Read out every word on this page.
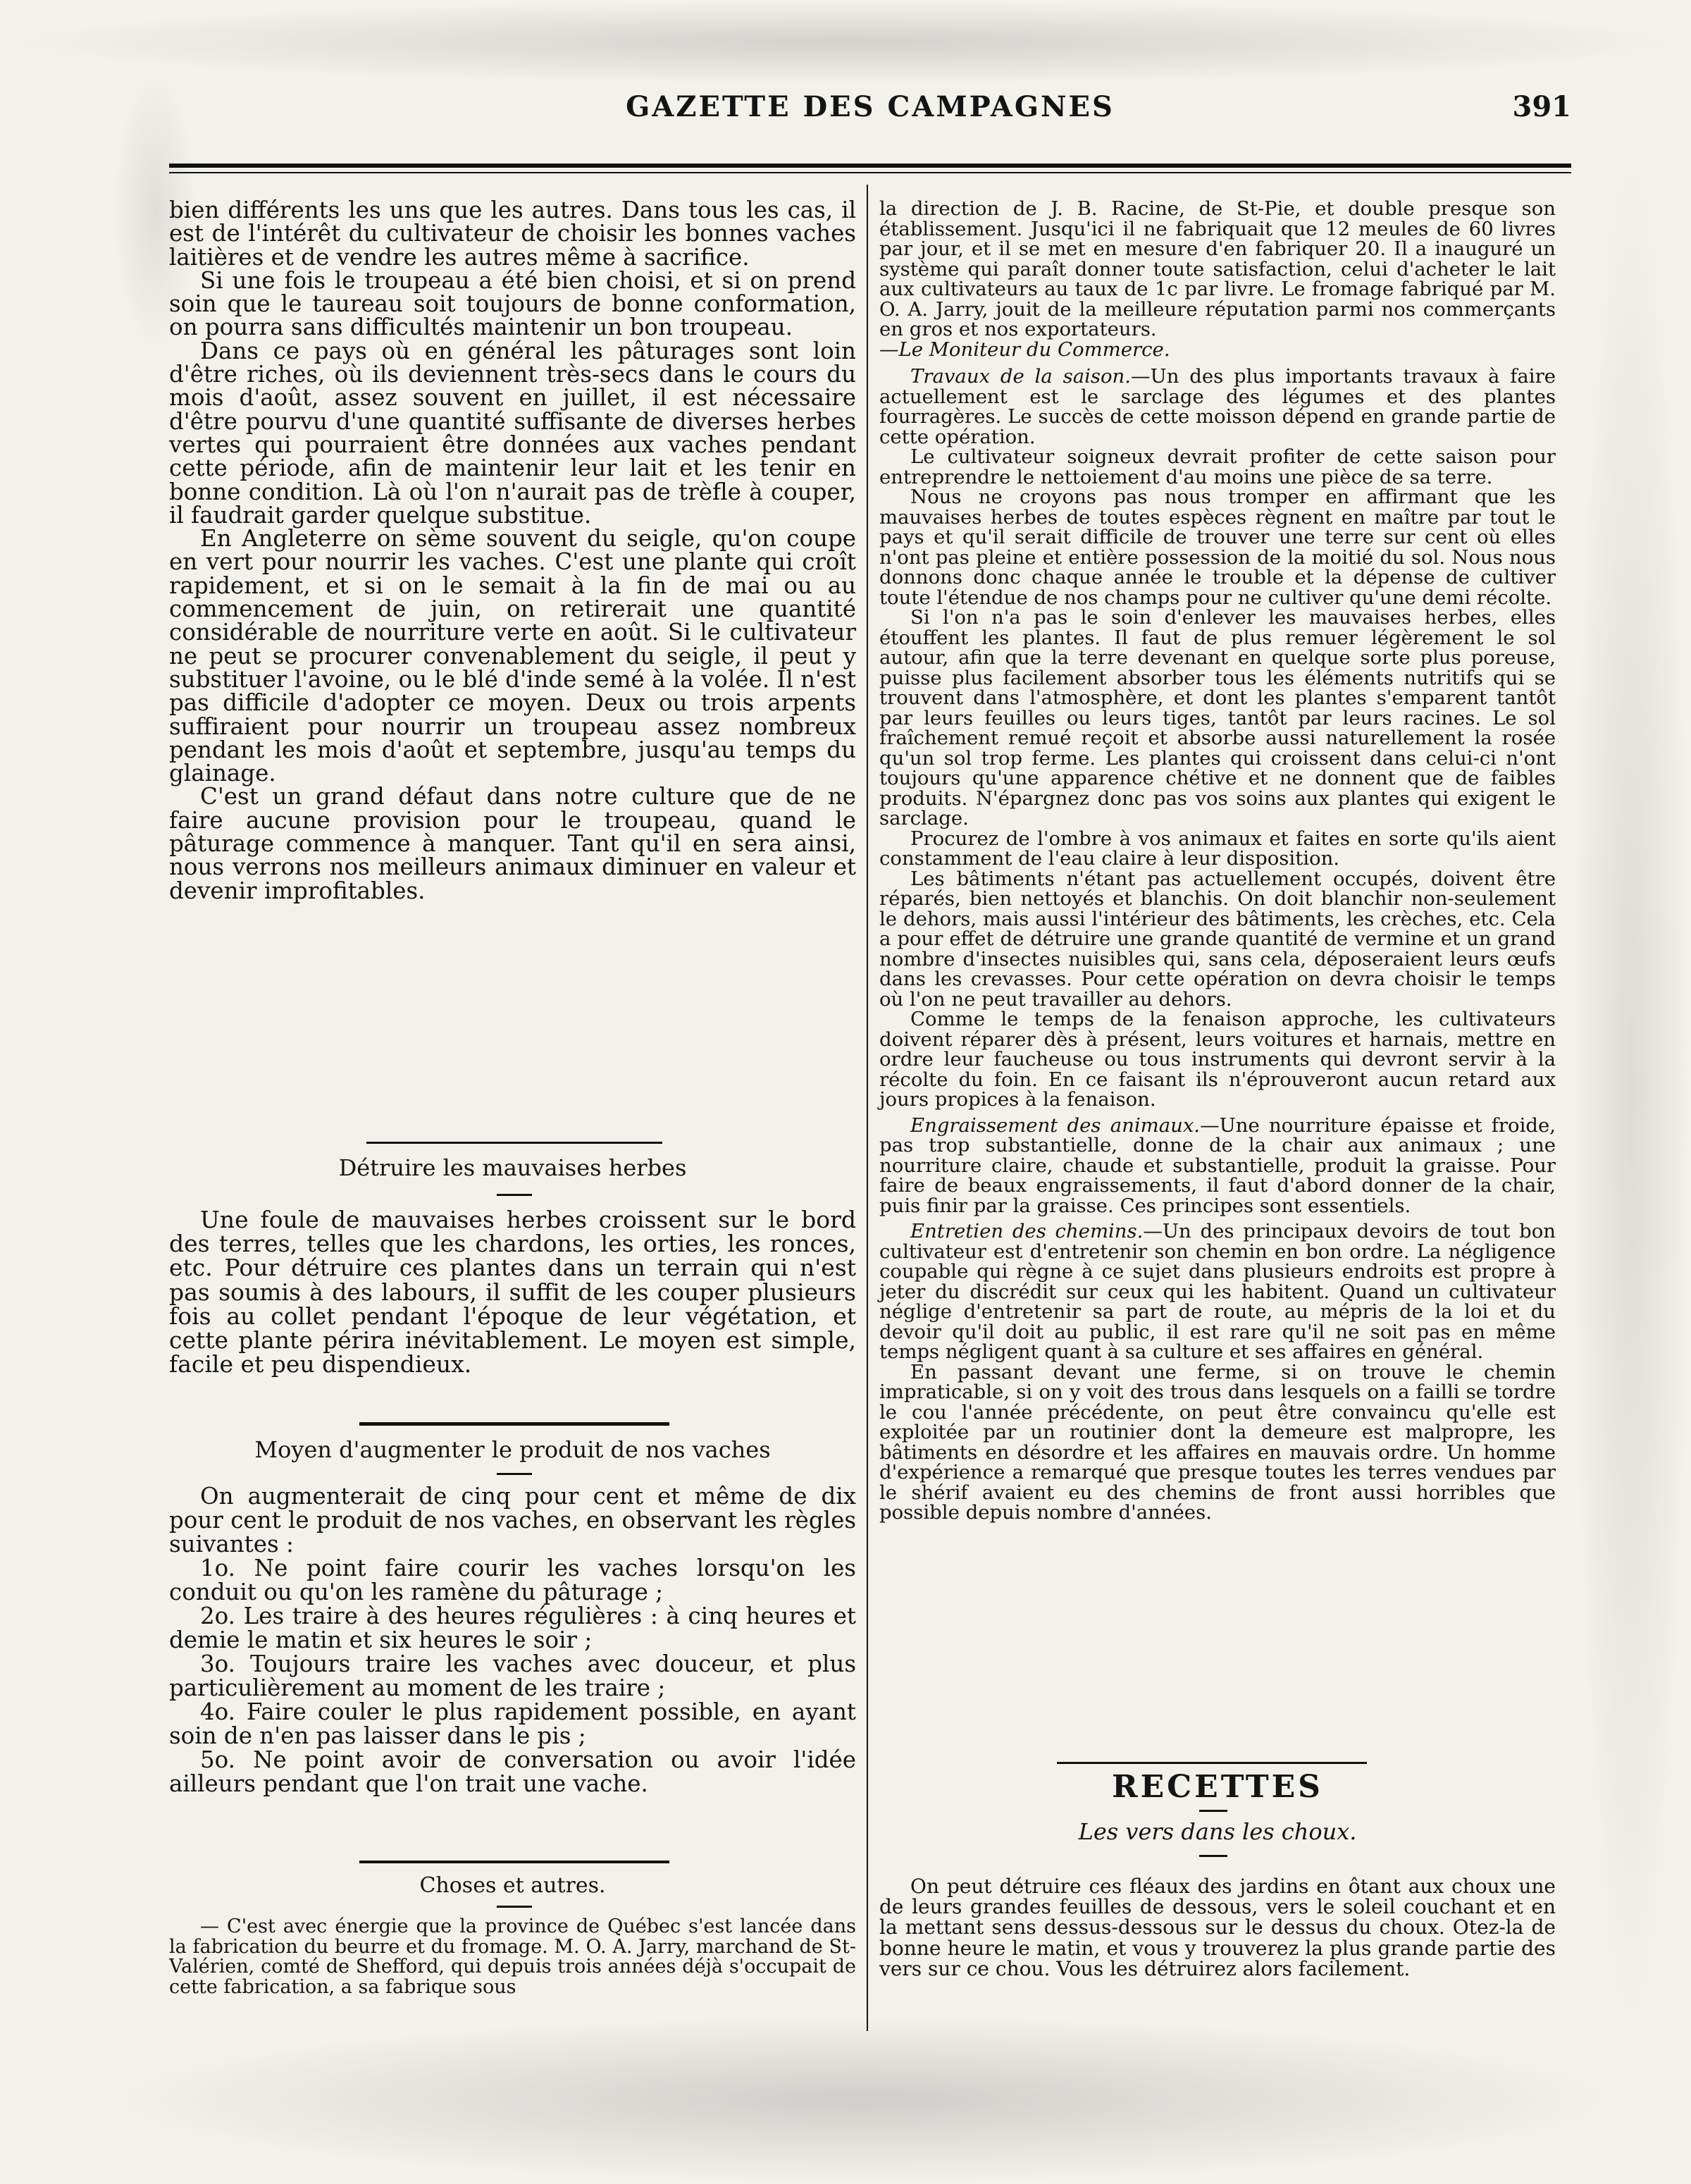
GAZETTE DES CAMPAGNES	391

bien différents les uns que les autres. Dans tous les cas, il est de l'intérêt du cultivateur de choisir les bonnes vaches laitières et de vendre les autres même à sacrifice.

Si une fois le troupeau a été bien choisi, et si on prend soin que le taureau soit toujours de bonne conformation, on pourra sans difficultés maintenir un bon troupeau.

Dans ce pays où en général les pâturages sont loin d'être riches, où ils deviennent très-secs dans le cours du mois d'août, assez souvent en juillet, il est nécessaire d'être pourvu d'une quantité suffisante de diverses herbes vertes qui pourraient être données aux vaches pendant cette période, afin de maintenir leur lait et les tenir en bonne condition. Là où l'on n'aurait pas de trèfle à couper, il faudrait garder quelque substitue.

En Angleterre on sème souvent du seigle, qu'on coupe en vert pour nourrir les vaches. C'est une plante qui croît rapidement, et si on le semait à la fin de mai ou au commencement de juin, on retirerait une quantité considérable de nourriture verte en août. Si le cultivateur ne peut se procurer convenablement du seigle, il peut y substituer l'avoine, ou le blé d'inde semé à la volée. Il n'est pas difficile d'adopter ce moyen. Deux ou trois arpents suffiraient pour nourrir un troupeau assez nombreux pendant les mois d'août et septembre, jusqu'au temps du glainage.

C'est un grand défaut dans notre culture que de ne faire aucune provision pour le troupeau, quand le pâturage commence à manquer. Tant qu'il en sera ainsi, nous verrons nos meilleurs animaux diminuer en valeur et devenir improfitables.

Détruire les mauvaises herbes

Une foule de mauvaises herbes croissent sur le bord des terres, telles que les chardons, les orties, les ronces, etc. Pour détruire ces plantes dans un terrain qui n'est pas soumis à des labours, il suffit de les couper plusieurs fois au collet pendant l'époque de leur végétation, et cette plante périra inévitablement. Le moyen est simple, facile et peu dispendieux.

Moyen d'augmenter le produit de nos vaches

On augmenterait de cinq pour cent et même de dix pour cent le produit de nos vaches, en observant les règles suivantes :

1o. Ne point faire courir les vaches lorsqu'on les conduit ou qu'on les ramène du pâturage ;

2o. Les traire à des heures régulières : à cinq heures et demie le matin et six heures le soir ;

3o. Toujours traire les vaches avec douceur, et plus particulièrement au moment de les traire ;

4o. Faire couler le plus rapidement possible, en ayant soin de n'en pas laisser dans le pis ;

5o. Ne point avoir de conversation ou avoir l'idée ailleurs pendant que l'on trait une vache.

Choses et autres.

— C'est avec énergie que la province de Québec s'est lancée dans la fabrication du beurre et du fromage. M. O. A. Jarry, marchand de St-Valérien, comté de Shefford, qui depuis trois années déjà s'occupait de cette fabrication, a sa fabrique sous

la direction de J. B. Racine, de St-Pie, et double presque son établissement. Jusqu'ici il ne fabriquait que 12 meules de 60 livres par jour, et il se met en mesure d'en fabriquer 20. Il a inauguré un système qui paraît donner toute satisfaction, celui d'acheter le lait aux cultivateurs au taux de 1c par livre. Le fromage fabriqué par M. O. A. Jarry, jouit de la meilleure réputation parmi nos commerçants en gros et nos exportateurs.

—Le Moniteur du Commerce.

Travaux de la saison.—Un des plus importants travaux à faire actuellement est le sarclage des légumes et des plantes fourragères. Le succès de cette moisson dépend en grande partie de cette opération.

Le cultivateur soigneux devrait profiter de cette saison pour entreprendre le nettoiement d'au moins une pièce de sa terre.

Nous ne croyons pas nous tromper en affirmant que les mauvaises herbes de toutes espèces règnent en maître par tout le pays et qu'il serait difficile de trouver une terre sur cent où elles n'ont pas pleine et entière possession de la moitié du sol. Nous nous donnons donc chaque année le trouble et la dépense de cultiver toute l'étendue de nos champs pour ne cultiver qu'une demi récolte.

Si l'on n'a pas le soin d'enlever les mauvaises herbes, elles étouffent les plantes. Il faut de plus remuer légèrement le sol autour, afin que la terre devenant en quelque sorte plus poreuse, puisse plus facilement absorber tous les éléments nutritifs qui se trouvent dans l'atmosphère, et dont les plantes s'emparent tantôt par leurs feuilles ou leurs tiges, tantôt par leurs racines. Le sol fraîchement remué reçoit et absorbe aussi naturellement la rosée qu'un sol trop ferme. Les plantes qui croissent dans celui-ci n'ont toujours qu'une apparence chétive et ne donnent que de faibles produits. N'épargnez donc pas vos soins aux plantes qui exigent le sarclage.

Procurez de l'ombre à vos animaux et faites en sorte qu'ils aient constamment de l'eau claire à leur disposition.

Les bâtiments n'étant pas actuellement occupés, doivent être réparés, bien nettoyés et blanchis. On doit blanchir non-seulement le dehors, mais aussi l'intérieur des bâtiments, les crèches, etc. Cela a pour effet de détruire une grande quantité de vermine et un grand nombre d'insectes nuisibles qui, sans cela, déposeraient leurs œufs dans les crevasses. Pour cette opération on devra choisir le temps où l'on ne peut travailler au dehors.

Comme le temps de la fenaison approche, les cultivateurs doivent réparer dès à présent, leurs voitures et harnais, mettre en ordre leur faucheuse ou tous instruments qui devront servir à la récolte du foin. En ce faisant ils n'éprouveront aucun retard aux jours propices à la fenaison.

Engraissement des animaux.—Une nourriture épaisse et froide, pas trop substantielle, donne de la chair aux animaux ; une nourriture claire, chaude et substantielle, produit la graisse. Pour faire de beaux engraissements, il faut d'abord donner de la chair, puis finir par la graisse. Ces principes sont essentiels.

Entretien des chemins.—Un des principaux devoirs de tout bon cultivateur est d'entretenir son chemin en bon ordre. La négligence coupable qui règne à ce sujet dans plusieurs endroits est propre à jeter du discrédit sur ceux qui les habitent. Quand un cultivateur néglige d'entretenir sa part de route, au mépris de la loi et du devoir qu'il doit au public, il est rare qu'il ne soit pas en même temps négligent quant à sa culture et ses affaires en général.

En passant devant une ferme, si on trouve le chemin impraticable, si on y voit des trous dans lesquels on a failli se tordre le cou l'année précédente, on peut être convaincu qu'elle est exploitée par un routinier dont la demeure est malpropre, les bâtiments en désordre et les affaires en mauvais ordre. Un homme d'expérience a remarqué que presque toutes les terres vendues par le shérif avaient eu des chemins de front aussi horribles que possible depuis nombre d'années.

RECETTES
Les vers dans les choux.

On peut détruire ces fléaux des jardins en ôtant aux choux une de leurs grandes feuilles de dessous, vers le soleil couchant et en la mettant sens dessus-dessous sur le dessus du choux. Otez-la de bonne heure le matin, et vous y trouverez la plus grande partie des vers sur ce chou. Vous les détruirez alors facilement.
